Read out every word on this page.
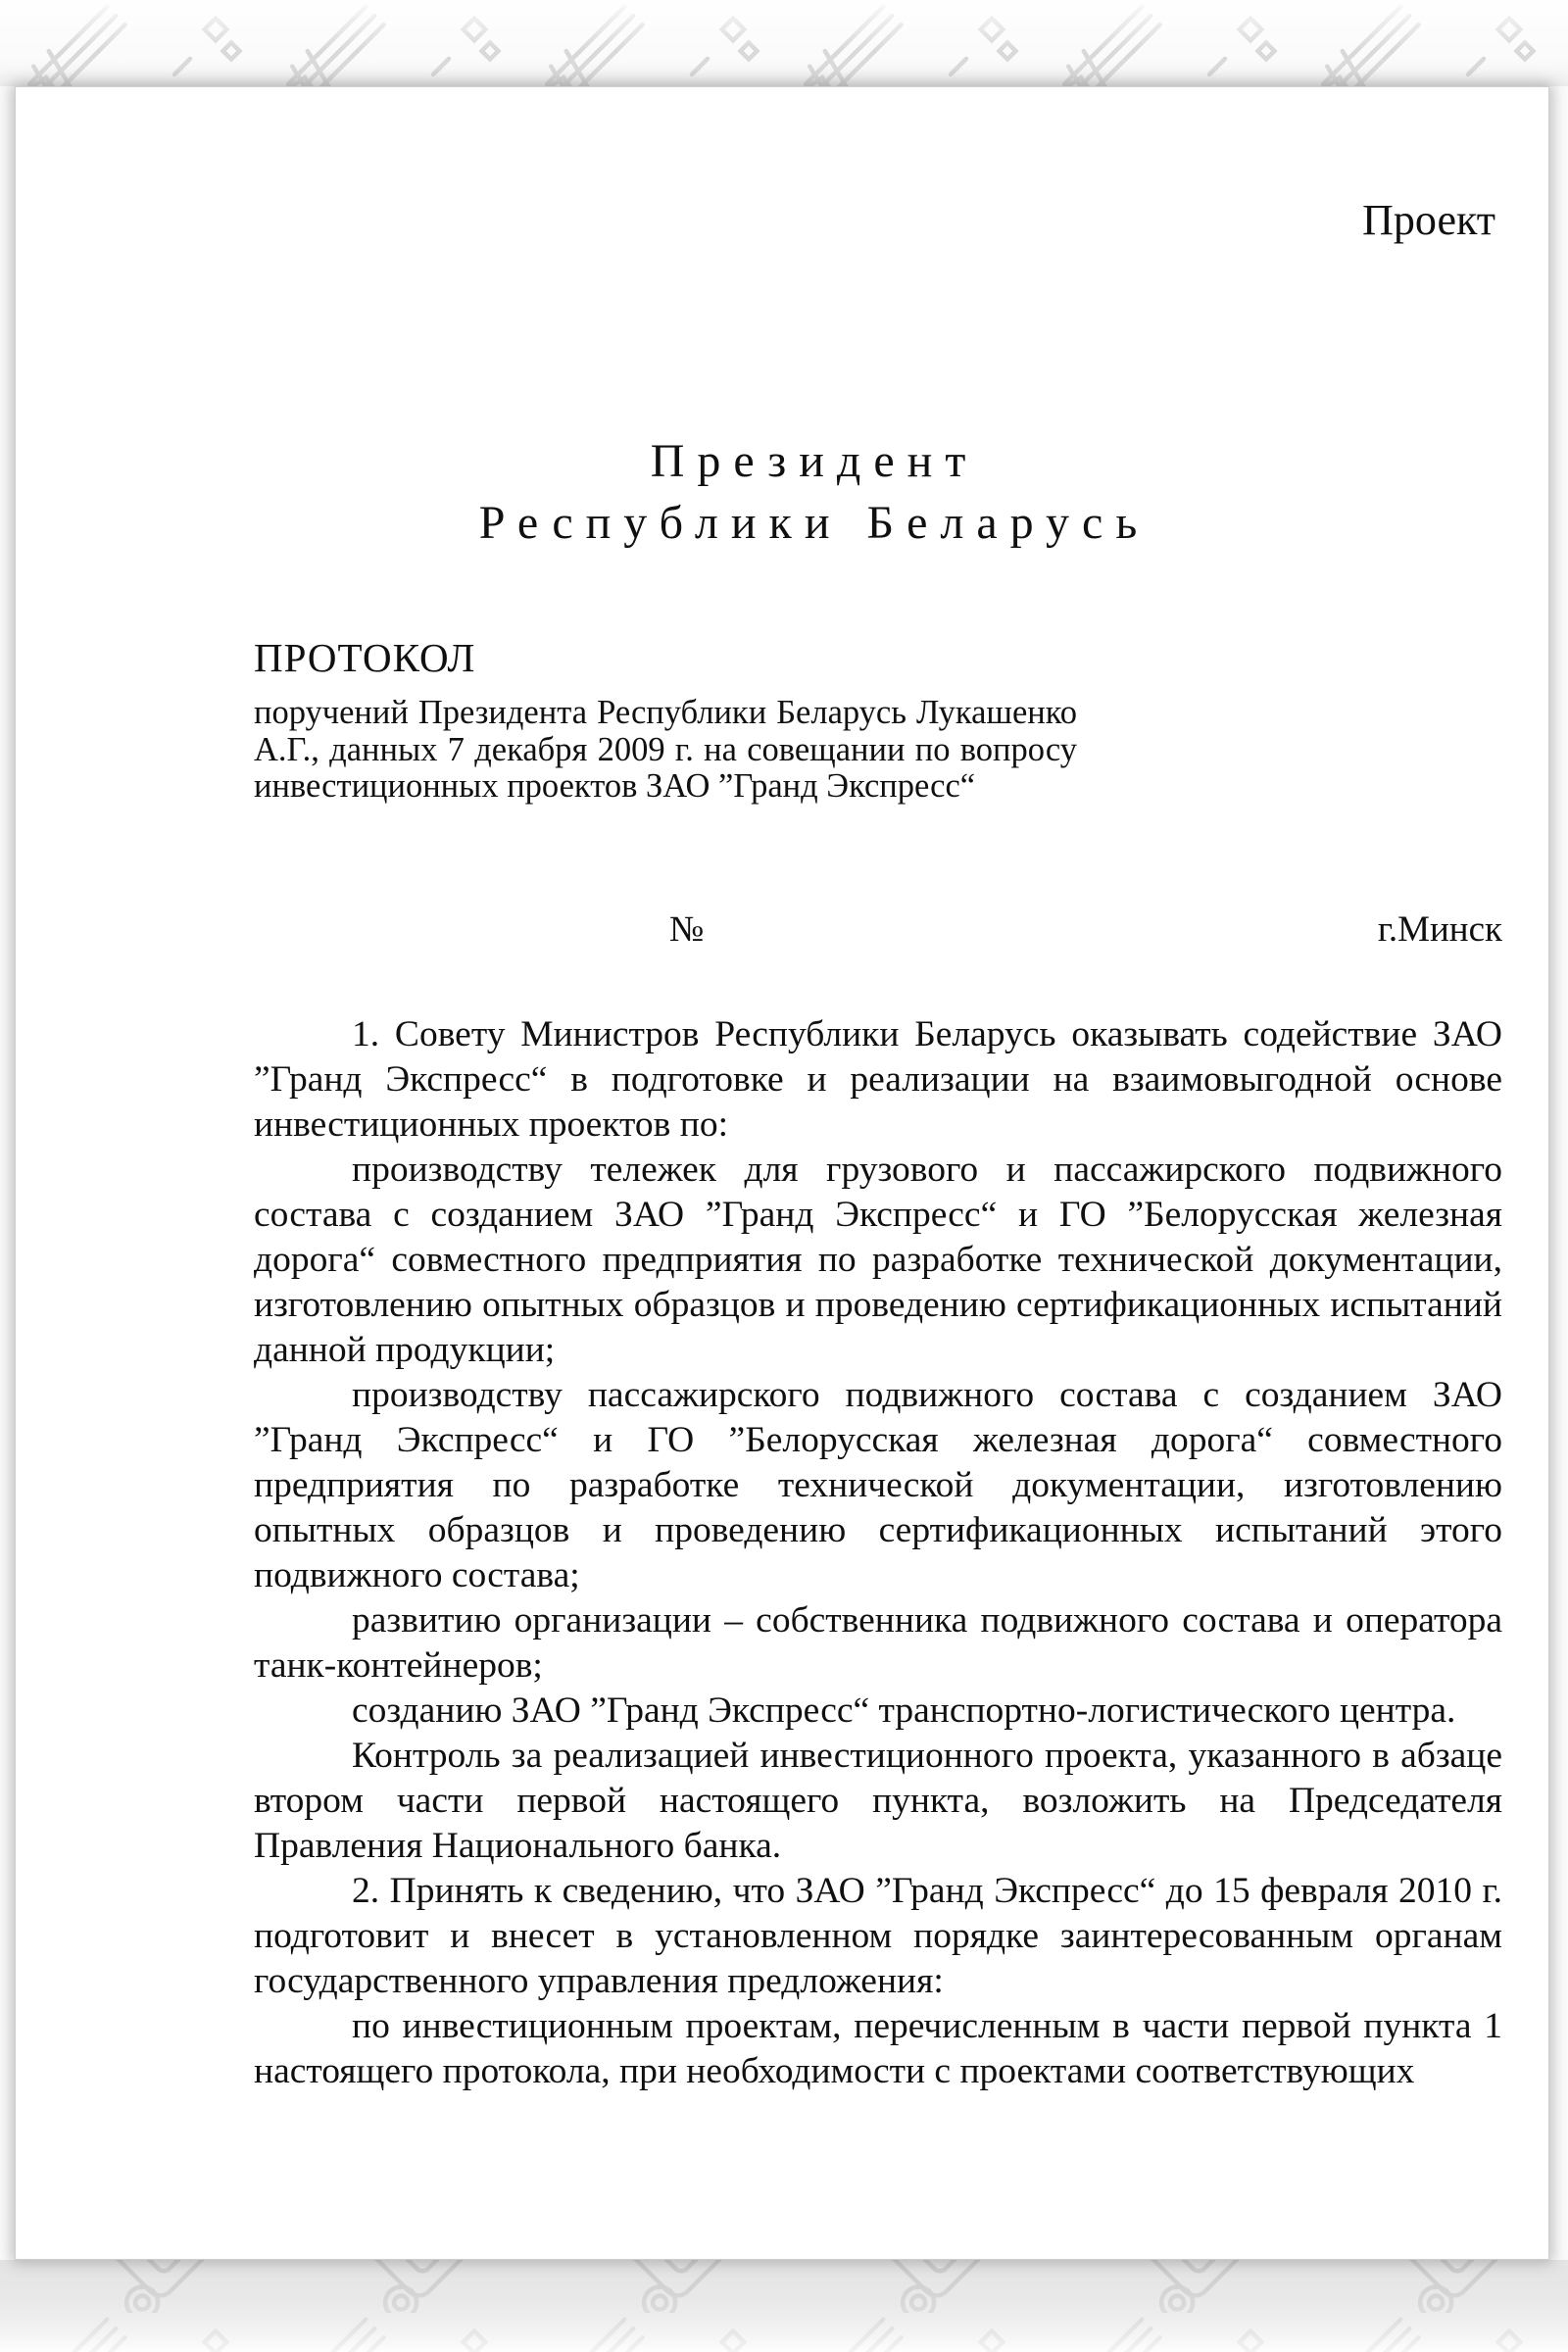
Проект
Президент
Республики Беларусь
ПРОТОКОЛ
поручений Президента Республики Беларусь Лукашенко А.Г., данных 7 декабря 2009 г. на совещании по вопросу инвестиционных проектов ЗАО ”Гранд Экспресс“
№	г.Минск

1. Совету Министров Республики Беларусь оказывать содействие ЗАО ”Гранд Экспресс“ в подготовке и реализации на взаимовыгодной основе инвестиционных проектов по:

производству тележек для грузового и пассажирского подвижного состава с созданием ЗАО ”Гранд Экспресс“ и ГО ”Белорусская железная дорога“ совместного предприятия по разработке технической документации, изготовлению опытных образцов и проведению сертификационных испытаний данной продукции;

производству пассажирского подвижного состава с созданием ЗАО ”Гранд Экспресс“ и ГО ”Белорусская железная дорога“ совместного предприятия по разработке технической документации, изготовлению опытных образцов и проведению сертификационных испытаний этого подвижного состава;

развитию организации – собственника подвижного состава и оператора танк-контейнеров;

созданию ЗАО ”Гранд Экспресс“ транспортно-логистического центра.

Контроль за реализацией инвестиционного проекта, указанного в абзаце втором части первой настоящего пункта, возложить на Председателя Правления Национального банка.

2. Принять к сведению, что ЗАО ”Гранд Экспресс“ до 15 февраля 2010 г. подготовит и внесет в установленном порядке заинтересованным органам государственного управления предложения:

по инвестиционным проектам, перечисленным в части первой пункта 1 настоящего протокола, при необходимости с проектами соответствующих
